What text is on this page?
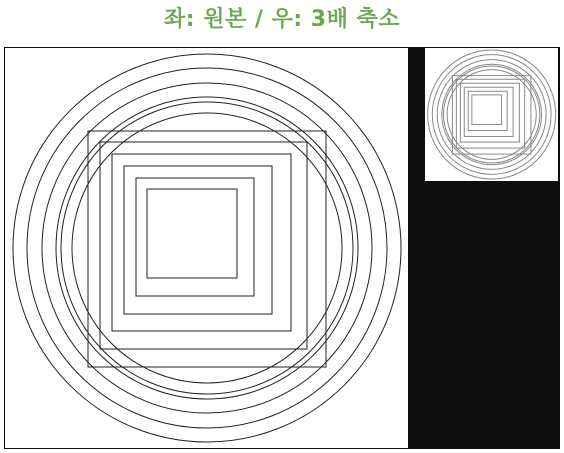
좌: 원본 / 우: 3배 축소
